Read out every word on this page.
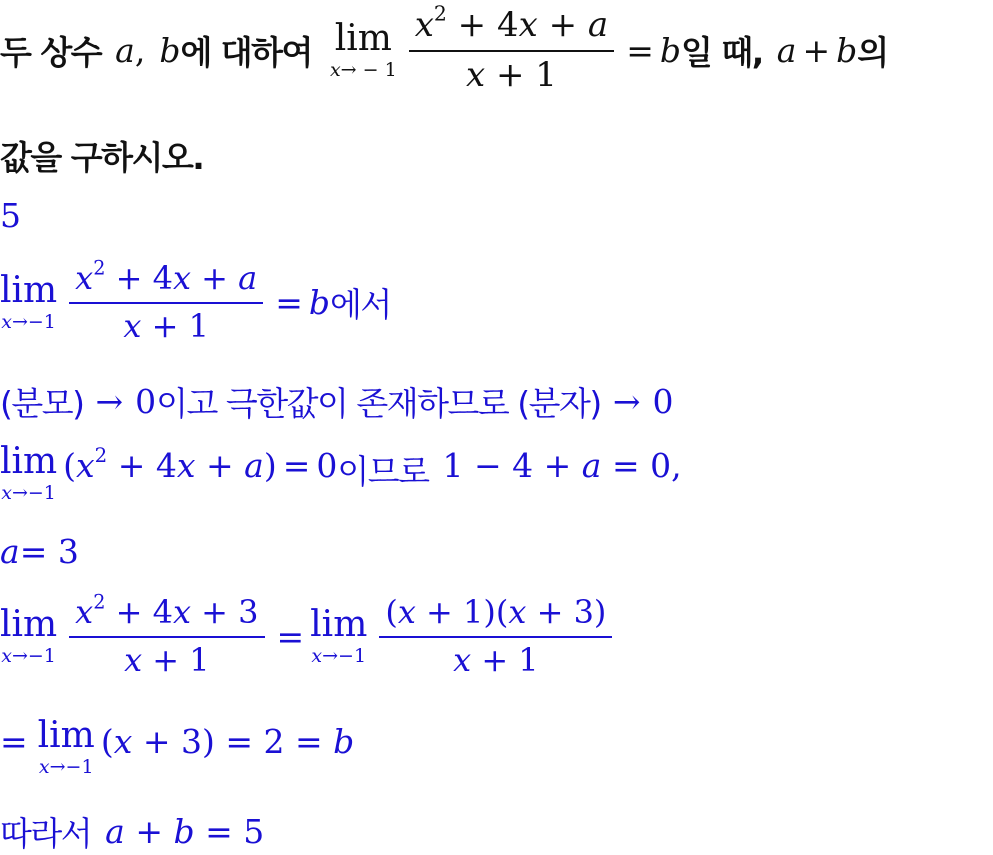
두 상수 a , b 에 대하여 lim
$x\to - 1 \frac{x^2 + 4x + a}{x + 1} = b$ 일 때, a + b 의
값을 구하시오.
5
lim
$x\to-1 \frac{x^2 + 4x + a}{x + 1} = b$ 에서
(분모) → 0 이고 극한값이 존재하므로 (분자) → 0
lim
x→−1
$(x^2 + 4x + a) = 0$ 이므로 1 − 4 + a = 0,
a = 3
lim
$x\to-1 \frac{x^2 + 4x + 3}{x + 1} = \lim$
$x\to-1 \frac{(x + 1)(x + 3)}{x + 1}$
= lim
x→−1
(x + 3) = 2 = b
따라서 a + b = 5
